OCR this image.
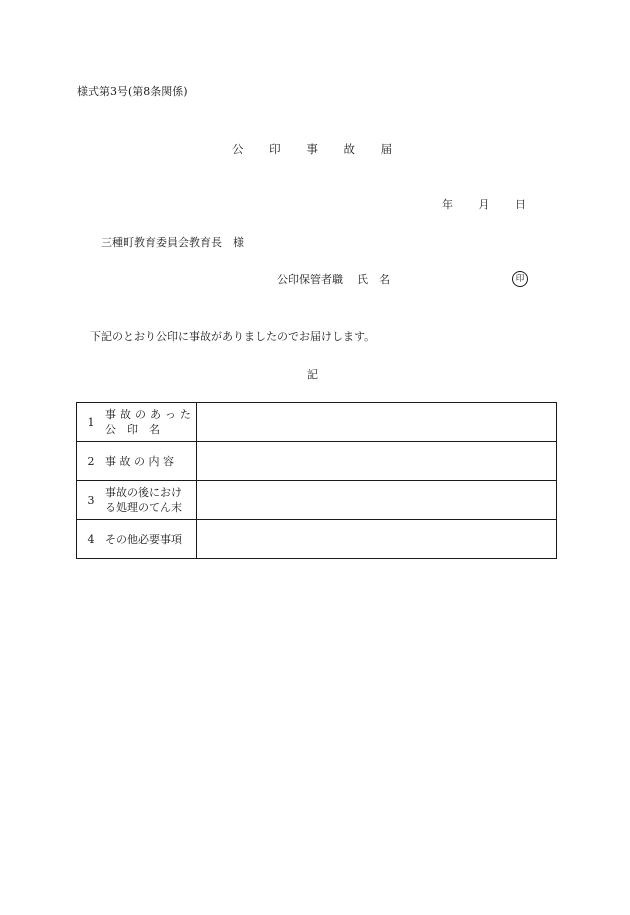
様式第3号(第8条関係)
公 印 事 故 届
年 月 日
三種町教育委員会教育長　様
公印保管者職 氏　名	印
下記のとおり公印に事故がありましたのでお届けします。
記
1
事故のあった
公　印　名	

2 事 故 の 内 容	

3
事故の後におけ
る処理のてん末	

4 その他必要事項	
